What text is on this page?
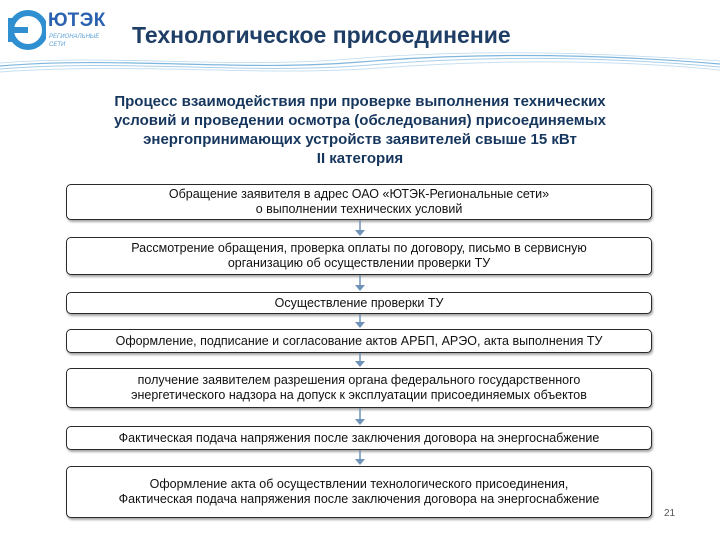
ЮТЭК
РЕГИОНАЛЬНЫЕ
СЕТИ	Технологическое присоединение
Процесс взаимодействия при проверке выполнения технических
условий и проведении осмотра (обследования) присоединяемых
энергопринимающих устройств заявителей свыше 15 кВт
II категория
Обращение заявителя в адрес ОАО «ЮТЭК-Региональные сети»
о выполнении технических условий
Рассмотрение обращения, проверка оплаты по договору, письмо в сервисную
организацию об осуществлении проверки ТУ
Осуществление проверки ТУ
Оформление, подписание и согласование актов АРБП, АРЭО, акта выполнения ТУ
получение заявителем разрешения органа федерального государственного
энергетического надзора на допуск к эксплуатации присоединяемых объектов
Фактическая подача напряжения после заключения договора на энергоснабжение
Оформление акта об осуществлении технологического присоединения,
Фактическая подача напряжения после заключения договора на энергоснабжение
21
